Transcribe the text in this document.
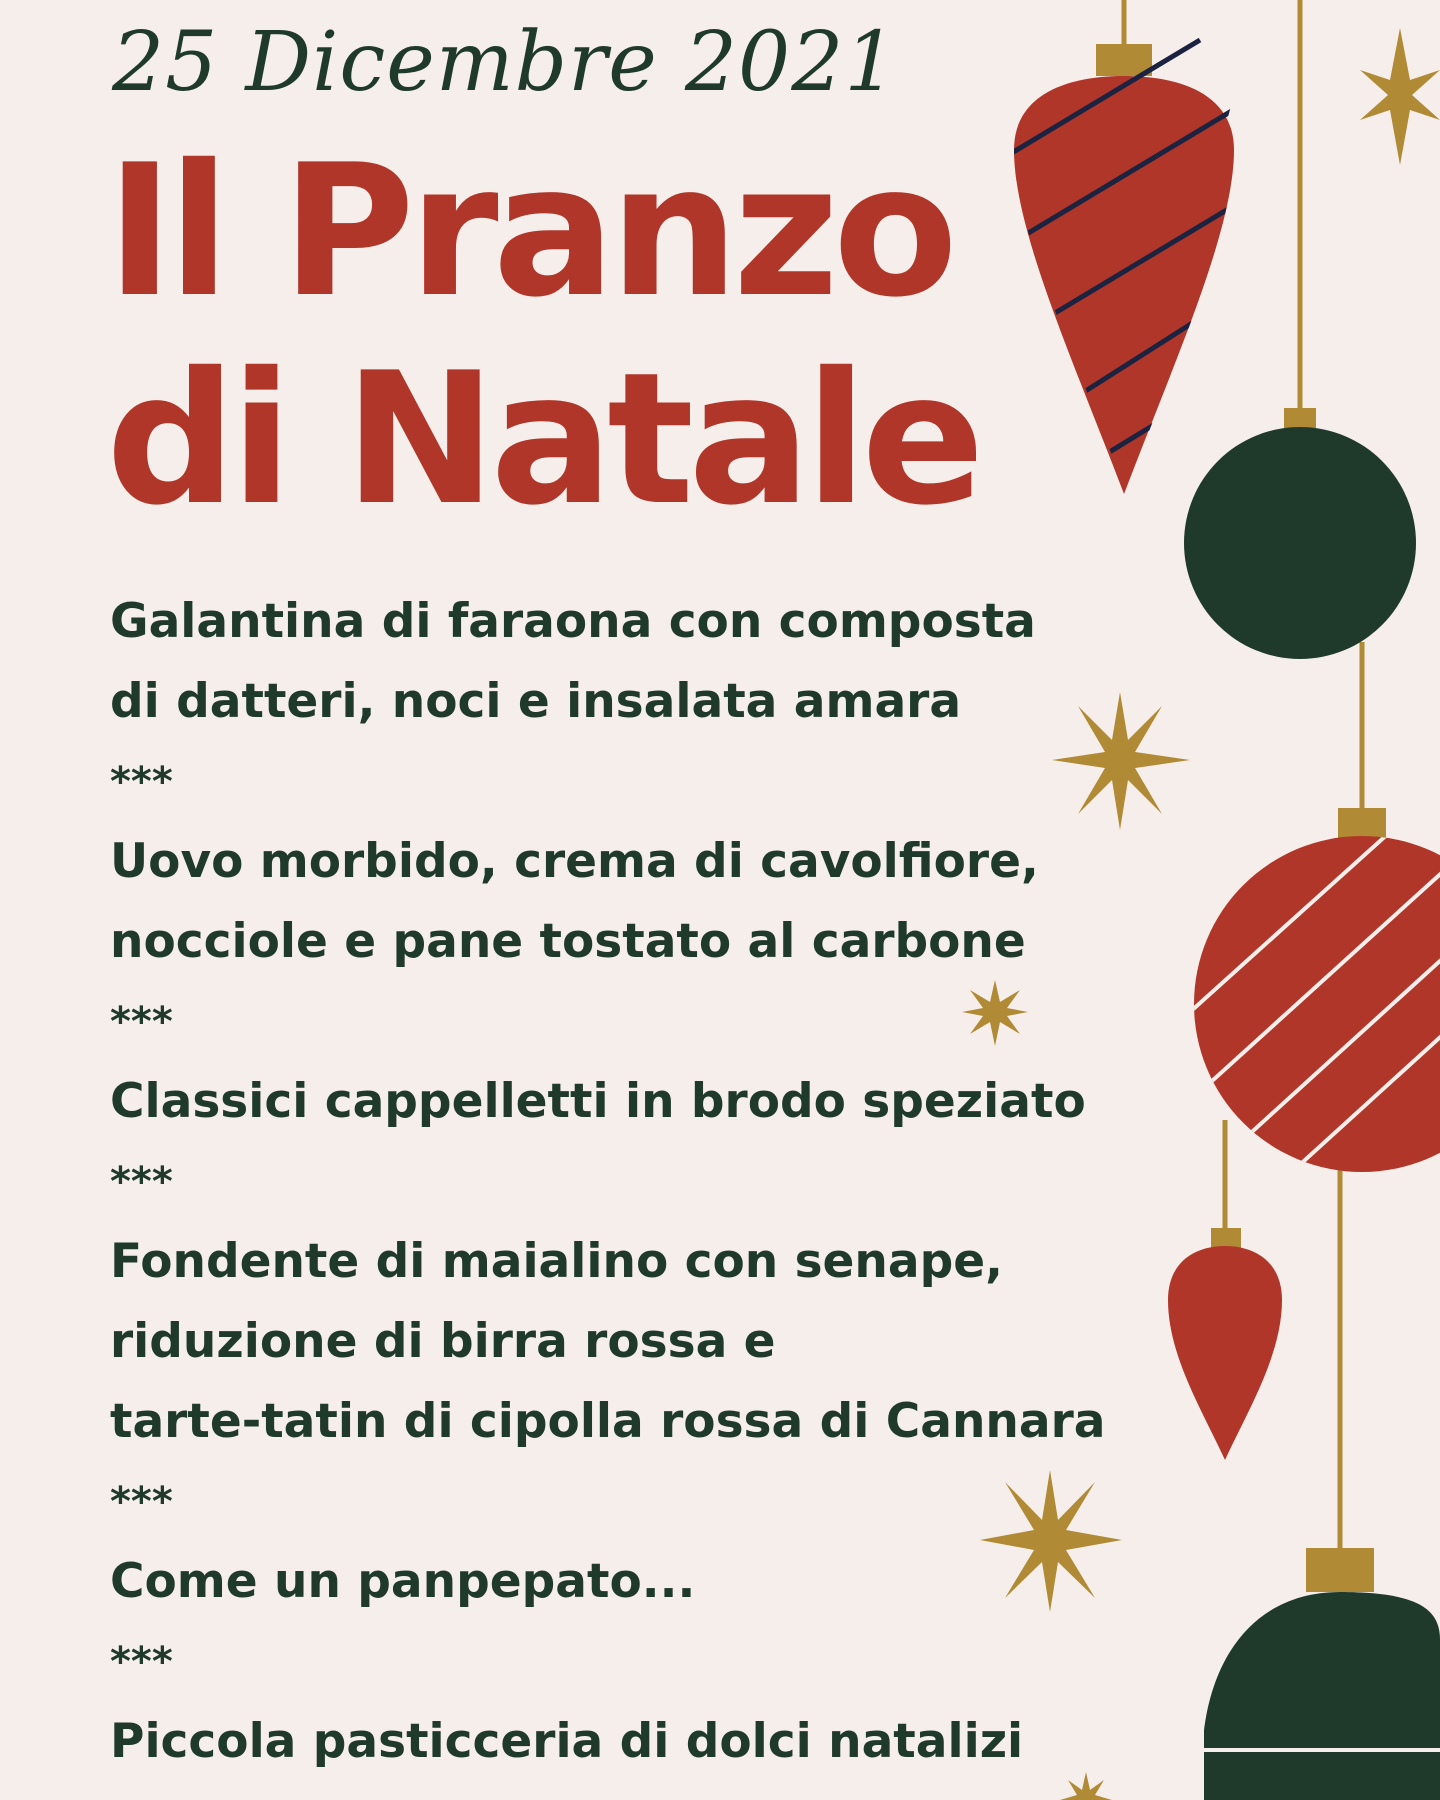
25 Dicembre 2021
Il Pranzo
di Natale
Galantina di faraona con composta
di datteri, noci e insalata amara
***
Uovo morbido, crema di cavolfiore,
nocciole e pane tostato al carbone
***
Classici cappelletti in brodo speziato
***
Fondente di maialino con senape,
riduzione di birra rossa e
tarte-tatin di cipolla rossa di Cannara
***
Come un panpepato...
***
Piccola pasticceria di dolci natalizi
